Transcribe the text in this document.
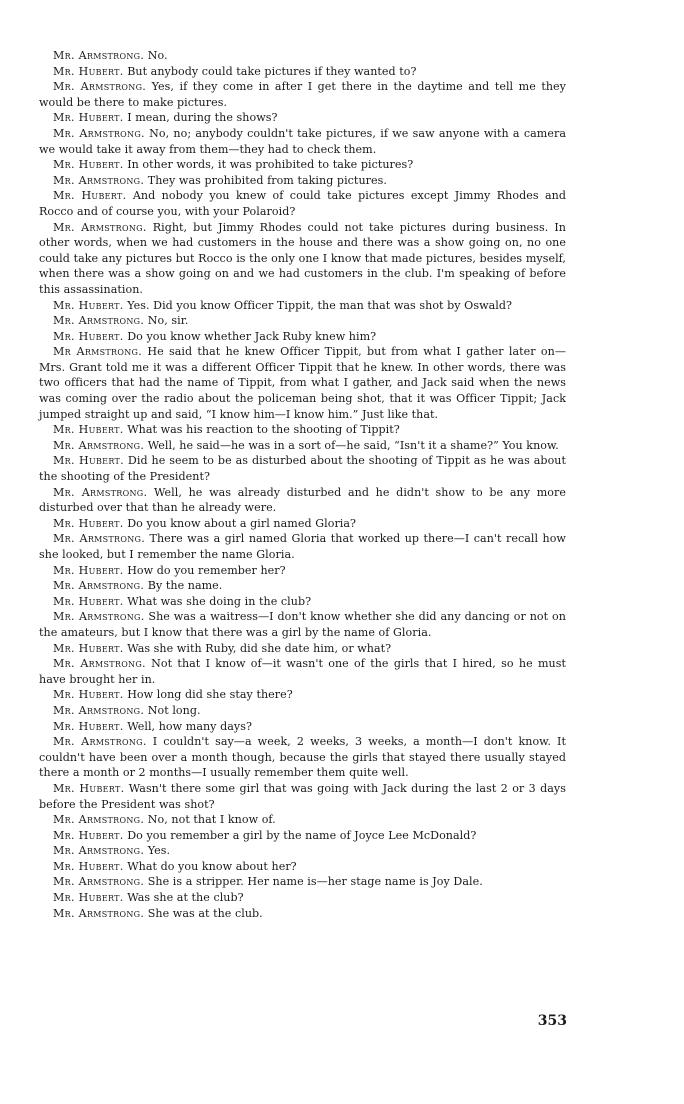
Mr. Armstrong. No.

Mr. Hubert. But anybody could take pictures if they wanted to?

Mr. Armstrong. Yes, if they come in after I get there in the daytime and tell me they would be there to make pictures.

Mr. Hubert. I mean, during the shows?

Mr. Armstrong. No, no; anybody couldn't take pictures, if we saw anyone with a camera we would take it away from them—they had to check them.

Mr. Hubert. In other words, it was prohibited to take pictures?

Mr. Armstrong. They was prohibited from taking pictures.

Mr. Hubert. And nobody you knew of could take pictures except Jimmy Rhodes and Rocco and of course you, with your Polaroid?

Mr. Armstrong. Right, but Jimmy Rhodes could not take pictures during business. In other words, when we had customers in the house and there was a show going on, no one could take any pictures but Rocco is the only one I know that made pictures, besides myself, when there was a show going on and we had customers in the club. I'm speaking of before this assassination.

Mr. Hubert. Yes. Did you know Officer Tippit, the man that was shot by Oswald?

Mr. Armstrong. No, sir.

Mr. Hubert. Do you know whether Jack Ruby knew him?

Mr Armstrong. He said that he knew Officer Tippit, but from what I gather later on—Mrs. Grant told me it was a different Officer Tippit that he knew. In other words, there was two officers that had the name of Tippit, from what I gather, and Jack said when the news was coming over the radio about the policeman being shot, that it was Officer Tippit; Jack jumped straight up and said, “I know him—I know him.” Just like that.

Mr. Hubert. What was his reaction to the shooting of Tippit?

Mr. Armstrong. Well, he said—he was in a sort of—he said, “Isn't it a shame?” You know.

Mr. Hubert. Did he seem to be as disturbed about the shooting of Tippit as he was about the shooting of the President?

Mr. Armstrong. Well, he was already disturbed and he didn't show to be any more disturbed over that than he already were.

Mr. Hubert. Do you know about a girl named Gloria?

Mr. Armstrong. There was a girl named Gloria that worked up there—I can't recall how she looked, but I remember the name Gloria.

Mr. Hubert. How do you remember her?

Mr. Armstrong. By the name.

Mr. Hubert. What was she doing in the club?

Mr. Armstrong. She was a waitress—I don't know whether she did any dancing or not on the amateurs, but I know that there was a girl by the name of Gloria.

Mr. Hubert. Was she with Ruby, did she date him, or what?

Mr. Armstrong. Not that I know of—it wasn't one of the girls that I hired, so he must have brought her in.

Mr. Hubert. How long did she stay there?

Mr. Armstrong. Not long.

Mr. Hubert. Well, how many days?

Mr. Armstrong. I couldn't say—a week, 2 weeks, 3 weeks, a month—I don't know. It couldn't have been over a month though, because the girls that stayed there usually stayed there a month or 2 months—I usually remember them quite well.

Mr. Hubert. Wasn't there some girl that was going with Jack during the last 2 or 3 days before the President was shot?

Mr. Armstrong. No, not that I know of.

Mr. Hubert. Do you remember a girl by the name of Joyce Lee McDonald?

Mr. Armstrong. Yes.

Mr. Hubert. What do you know about her?

Mr. Armstrong. She is a stripper. Her name is—her stage name is Joy Dale.

Mr. Hubert. Was she at the club?

Mr. Armstrong. She was at the club.

353
